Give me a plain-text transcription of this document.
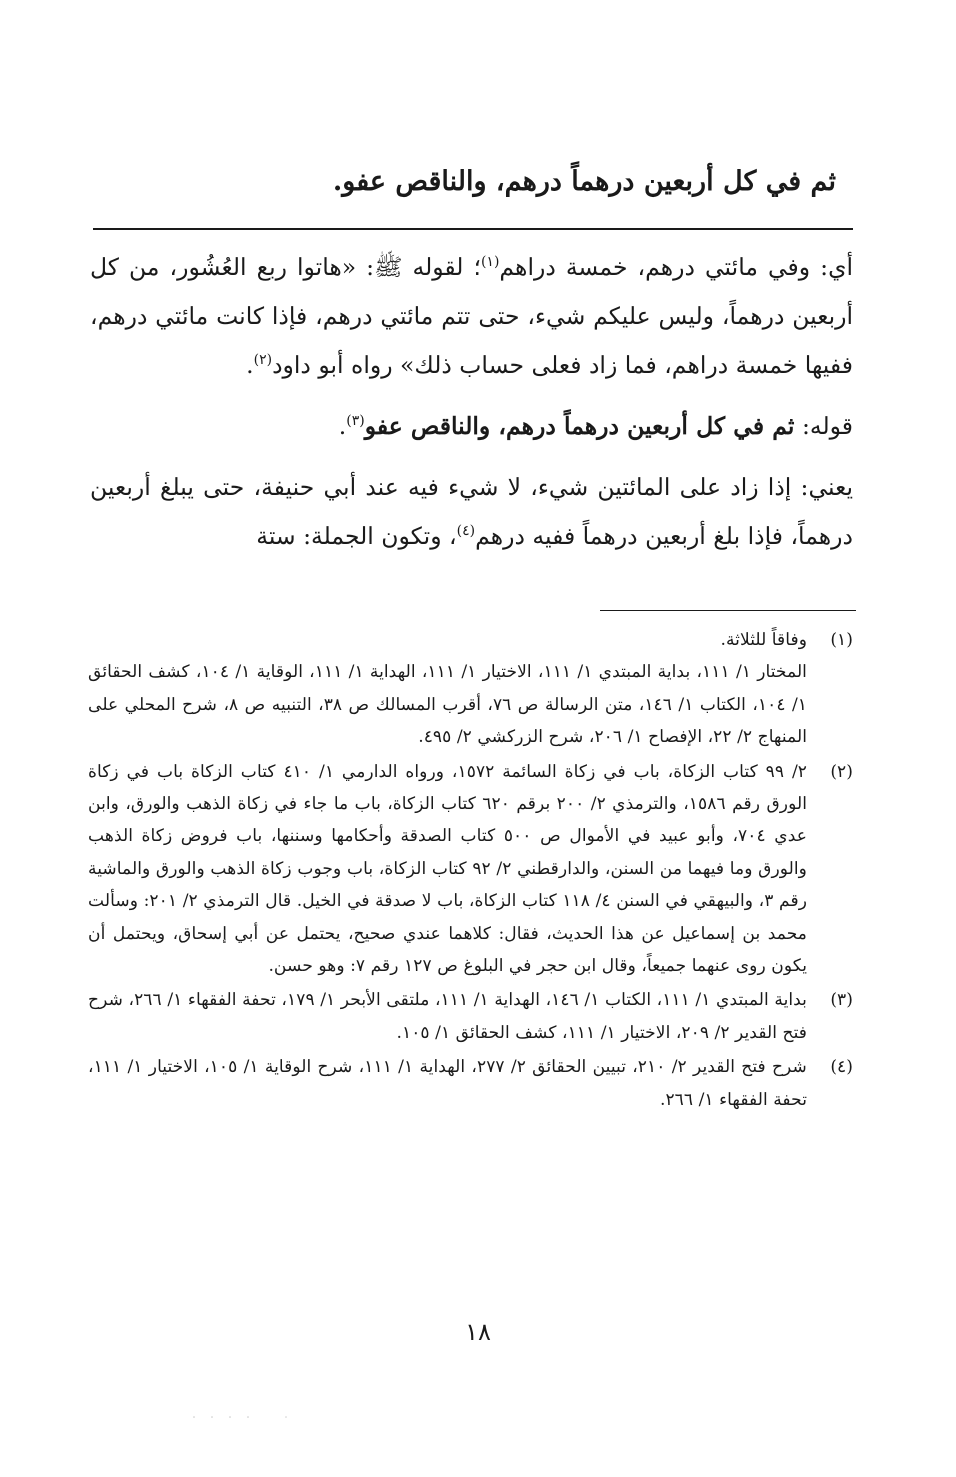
ثم في كل أربعين درهماً درهم، والناقص عفو.

أي: وفي مائتي درهم، خمسة دراهم$^{(١)}$؛ لقوله ﷺ: «هاتوا ربع العُشُور، من كل أربعين درهماً، وليس عليكم شيء، حتى تتم مائتي درهم، فإذا كانت مائتي درهم، ففيها خمسة دراهم، فما زاد فعلى حساب ذلك» رواه أبو داود$^{(٢)}$.

قوله: ثم في كل أربعين درهماً درهم، والناقص عفو$^{(٣)}$.

يعني: إذا زاد على المائتين شيء، لا شيء فيه عند أبي حنيفة، حتى يبلغ أربعين درهماً، فإذا بلغ أربعين درهماً ففيه درهم$^{(٤)}$، وتكون الجملة: ستة

(١)

وفاقاً للثلاثة.

المختار ١/ ١١١، بداية المبتدي ١/ ١١١، الاختيار ١/ ١١١، الهداية ١/ ١١١، الوقاية ١/ ١٠٤، كشف الحقائق ١/ ١٠٤، الكتاب ١/ ١٤٦، متن الرسالة ص ٧٦، أقرب المسالك ص ٣٨، التنبيه ص ٨، شرح المحلي على المنهاج ٢/ ٢٢، الإفصاح ١/ ٢٠٦، شرح الزركشي ٢/ ٤٩٥.

(٢)

٢/ ٩٩ كتاب الزكاة، باب في زكاة السائمة ١٥٧٢، ورواه الدارمي ١/ ٤١٠ كتاب الزكاة باب في زكاة الورق رقم ١٥٨٦، والترمذي ٢/ ٢٠٠ برقم ٦٢٠ كتاب الزكاة، باب ما جاء في زكاة الذهب والورق، وابن عدي ٧٠٤، وأبو عبيد في الأموال ص ٥٠٠ كتاب الصدقة وأحكامها وسننها، باب فروض زكاة الذهب والورق وما فيهما من السنن، والدارقطني ٢/ ٩٢ كتاب الزكاة، باب وجوب زكاة الذهب والورق والماشية رقم ٣، والبيهقي في السنن ٤/ ١١٨ كتاب الزكاة، باب لا صدقة في الخيل. قال الترمذي ٢/ ٢٠١: وسألت محمد بن إسماعيل عن هذا الحديث، فقال: كلاهما عندي صحيح، يحتمل عن أبي إسحاق، ويحتمل أن يكون روى عنهما جميعاً، وقال ابن حجر في البلوغ ص ١٢٧ رقم ٧: وهو حسن.

(٣)

بداية المبتدي ١/ ١١١، الكتاب ١/ ١٤٦، الهداية ١/ ١١١، ملتقى الأبحر ١/ ١٧٩، تحفة الفقهاء ١/ ٢٦٦، شرح فتح القدير ٢/ ٢٠٩، الاختيار ١/ ١١١، كشف الحقائق ١/ ١٠٥.

(٤)

شرح فتح القدير ٢/ ٢١٠، تبيين الحقائق ٢/ ٢٧٧، الهداية ١/ ١١١، شرح الوقاية ١/ ١٠٥، الاختيار ١/ ١١١، تحفة الفقهاء ١/ ٢٦٦.

١٨
